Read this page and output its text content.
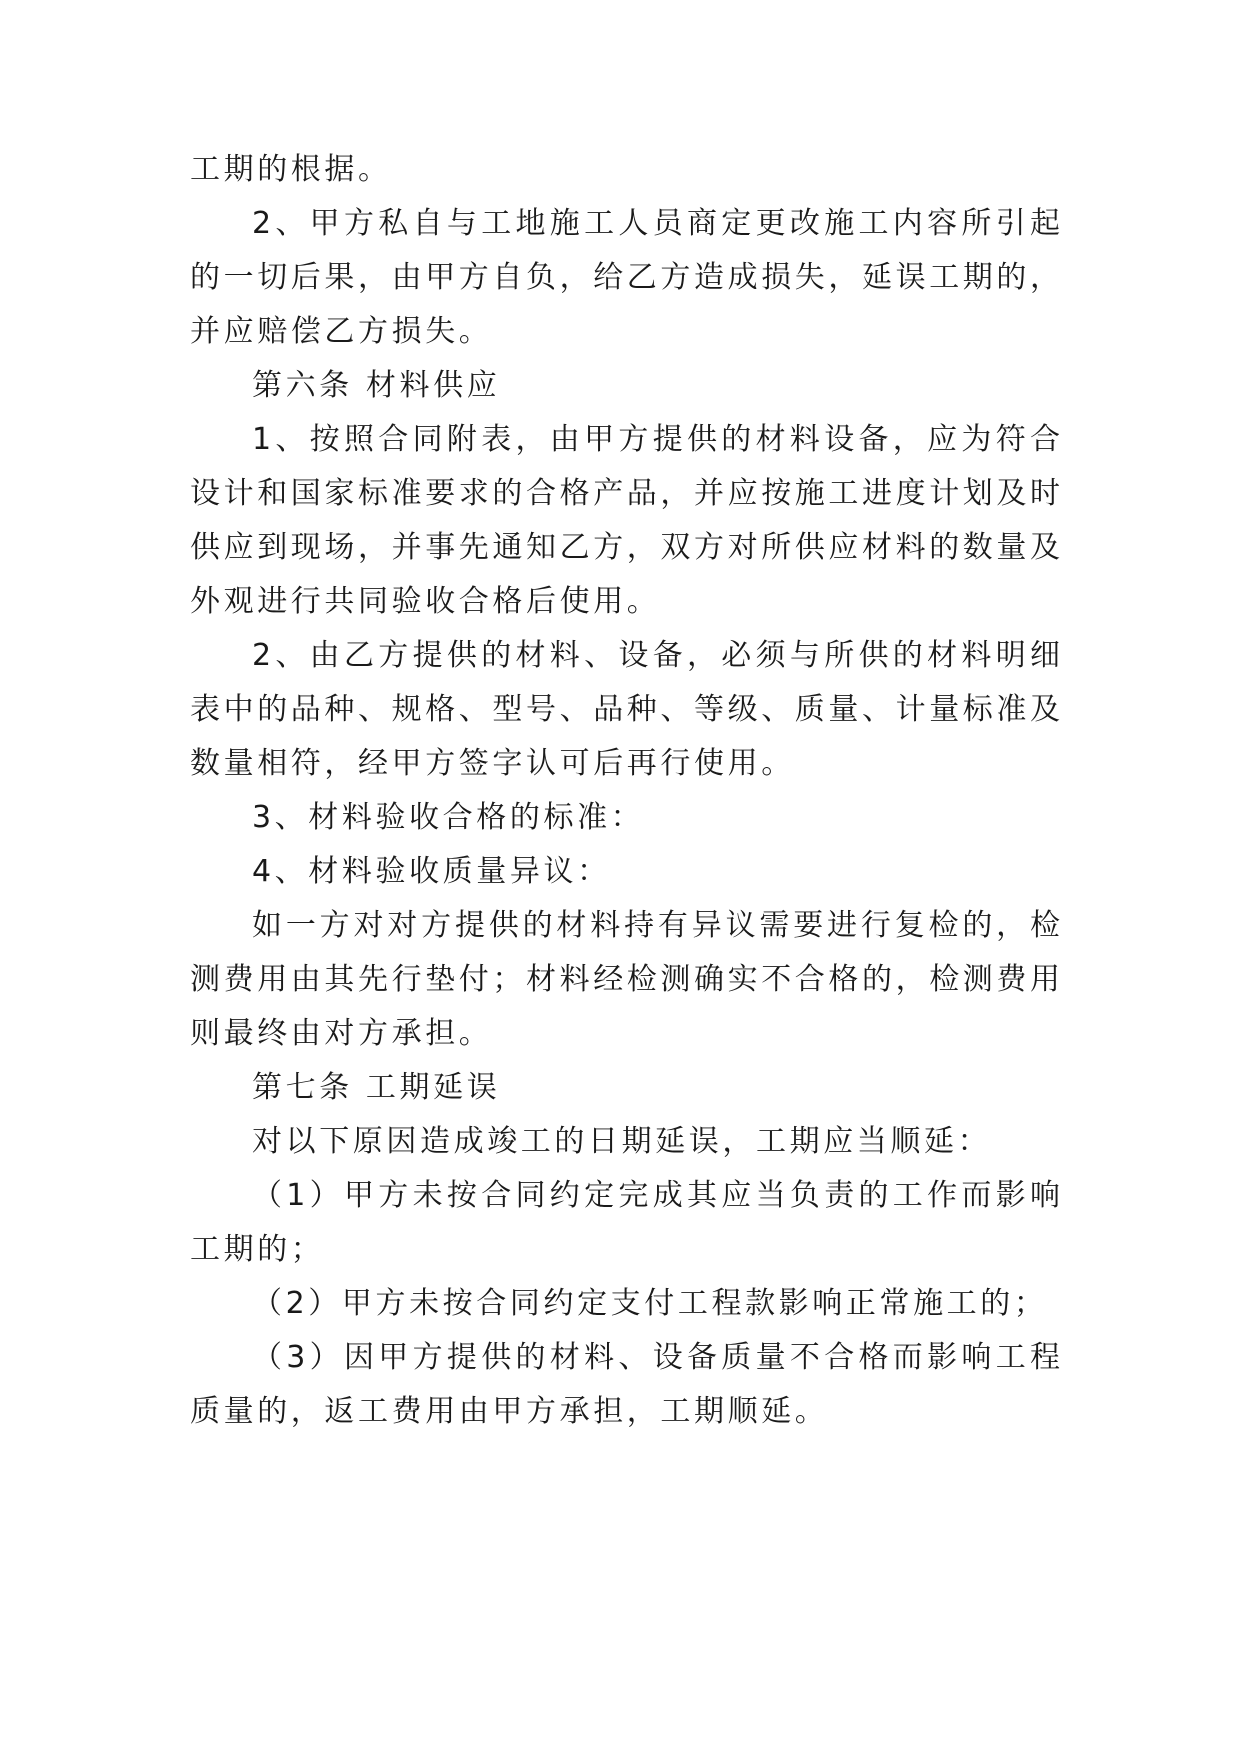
工期的根据。
2、甲方私自与工地施工人员商定更改施工内容所引起
的一切后果，由甲方自负，给乙方造成损失，延误工期的，
并应赔偿乙方损失。
第六条 材料供应
1、按照合同附表，由甲方提供的材料设备，应为符合
设计和国家标准要求的合格产品，并应按施工进度计划及时
供应到现场，并事先通知乙方，双方对所供应材料的数量及
外观进行共同验收合格后使用。
2、由乙方提供的材料、设备，必须与所供的材料明细
表中的品种、规格、型号、品种、等级、质量、计量标准及
数量相符，经甲方签字认可后再行使用。
3、材料验收合格的标准：
4、材料验收质量异议：
如一方对对方提供的材料持有异议需要进行复检的，检
测费用由其先行垫付；材料经检测确实不合格的，检测费用
则最终由对方承担。
第七条 工期延误
对以下原因造成竣工的日期延误，工期应当顺延：
（1）甲方未按合同约定完成其应当负责的工作而影响
工期的；
（2）甲方未按合同约定支付工程款影响正常施工的；
（3）因甲方提供的材料、设备质量不合格而影响工程
质量的，返工费用由甲方承担，工期顺延。
